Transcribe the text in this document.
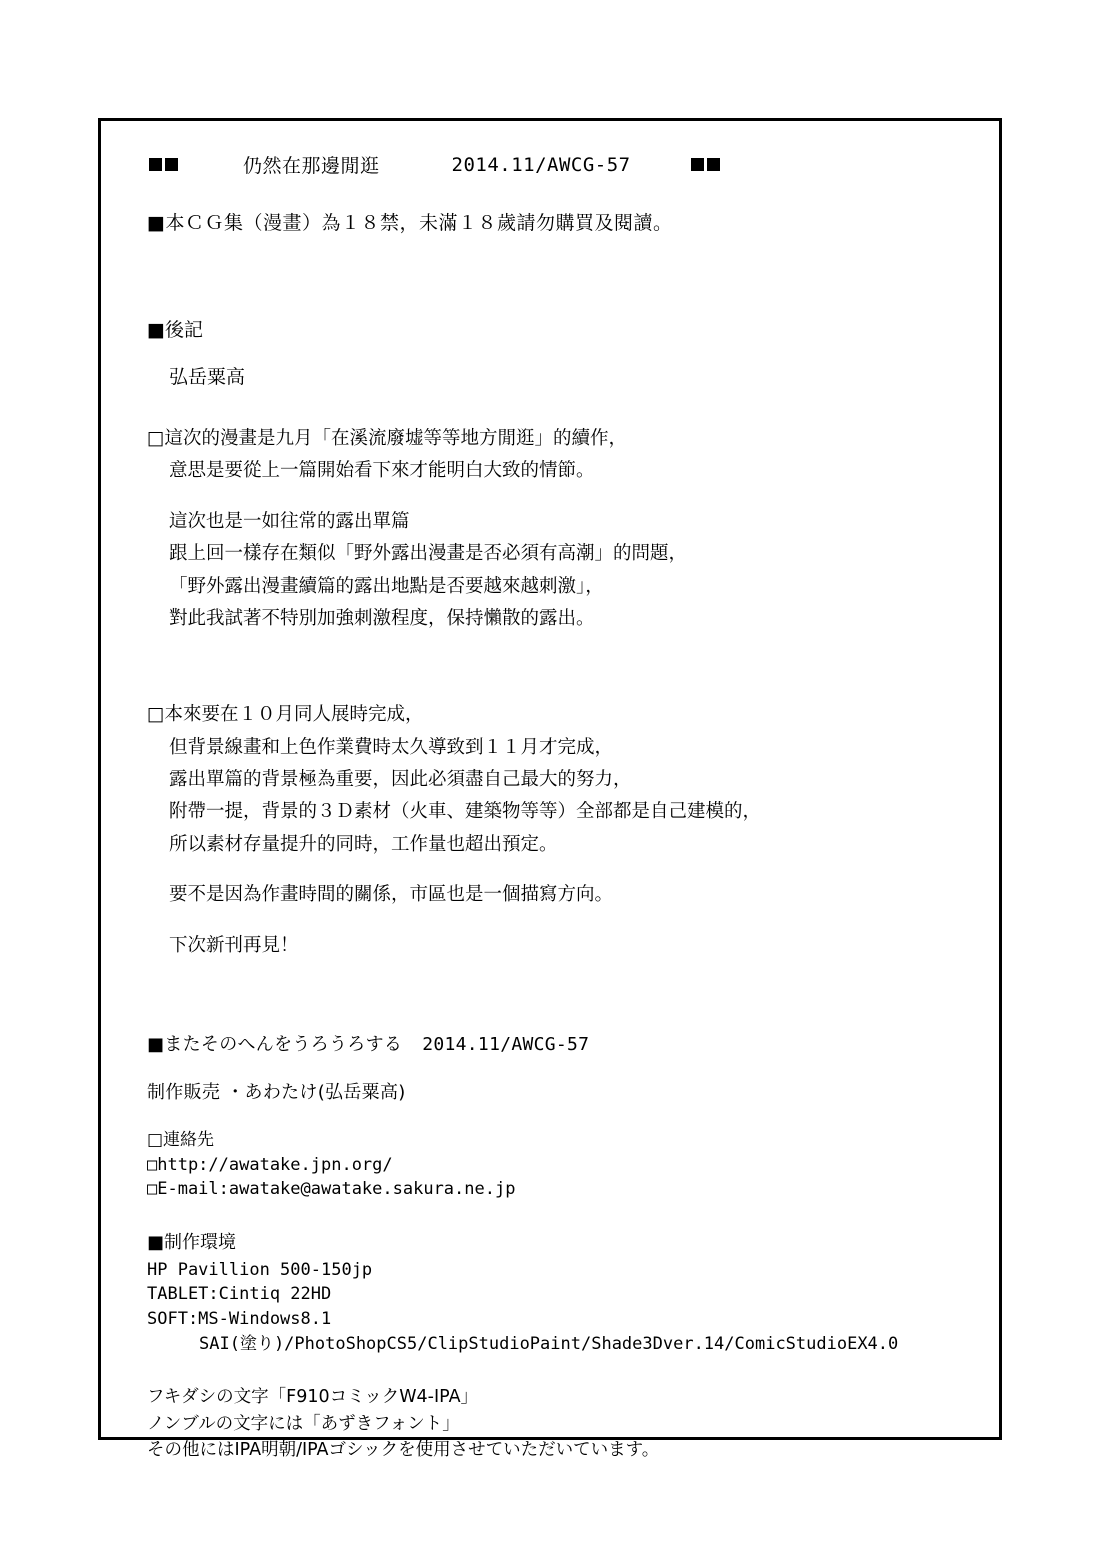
仍然在那邊閒逛	2014.11/AWCG-57
■本ＣＧ集（漫畫）為１８禁，未滿１８歲請勿購買及閱讀。
■後記
弘岳粟高
□這次的漫畫是九月「在溪流廢墟等等地方閒逛」的續作，
意思是要從上一篇開始看下來才能明白大致的情節。
這次也是一如往常的露出單篇
跟上回一樣存在類似「野外露出漫畫是否必須有高潮」的問題，
「野外露出漫畫續篇的露出地點是否要越來越刺激」，
對此我試著不特別加強刺激程度，保持懶散的露出。
□本來要在１０月同人展時完成，
但背景線畫和上色作業費時太久導致到１１月才完成，
露出單篇的背景極為重要，因此必須盡自己最大的努力，
附帶一提，背景的３Ｄ素材（火車、建築物等等）全部都是自己建模的，
所以素材存量提升的同時，工作量也超出預定。
要不是因為作畫時間的關係，市區也是一個描寫方向。
下次新刊再見！
■またそのへんをうろうろする 2014.11/AWCG-57
制作販売 ・あわたけ(弘岳粟高)
□連絡先
□http://awatake.jpn.org/
□E-mail:awatake@awatake.sakura.ne.jp
■制作環境
HP Pavillion 500-150jp
TABLET:Cintiq 22HD
SOFT:MS-Windows8.1
SAI(塗り)/PhotoShopCS5/ClipStudioPaint/Shade3Dver.14/ComicStudioEX4.0
フキダシの文字「F910コミックW4-IPA」
ノンブルの文字には「あずきフォント」
その他にはIPA明朝/IPAゴシックを使用させていただいています。
